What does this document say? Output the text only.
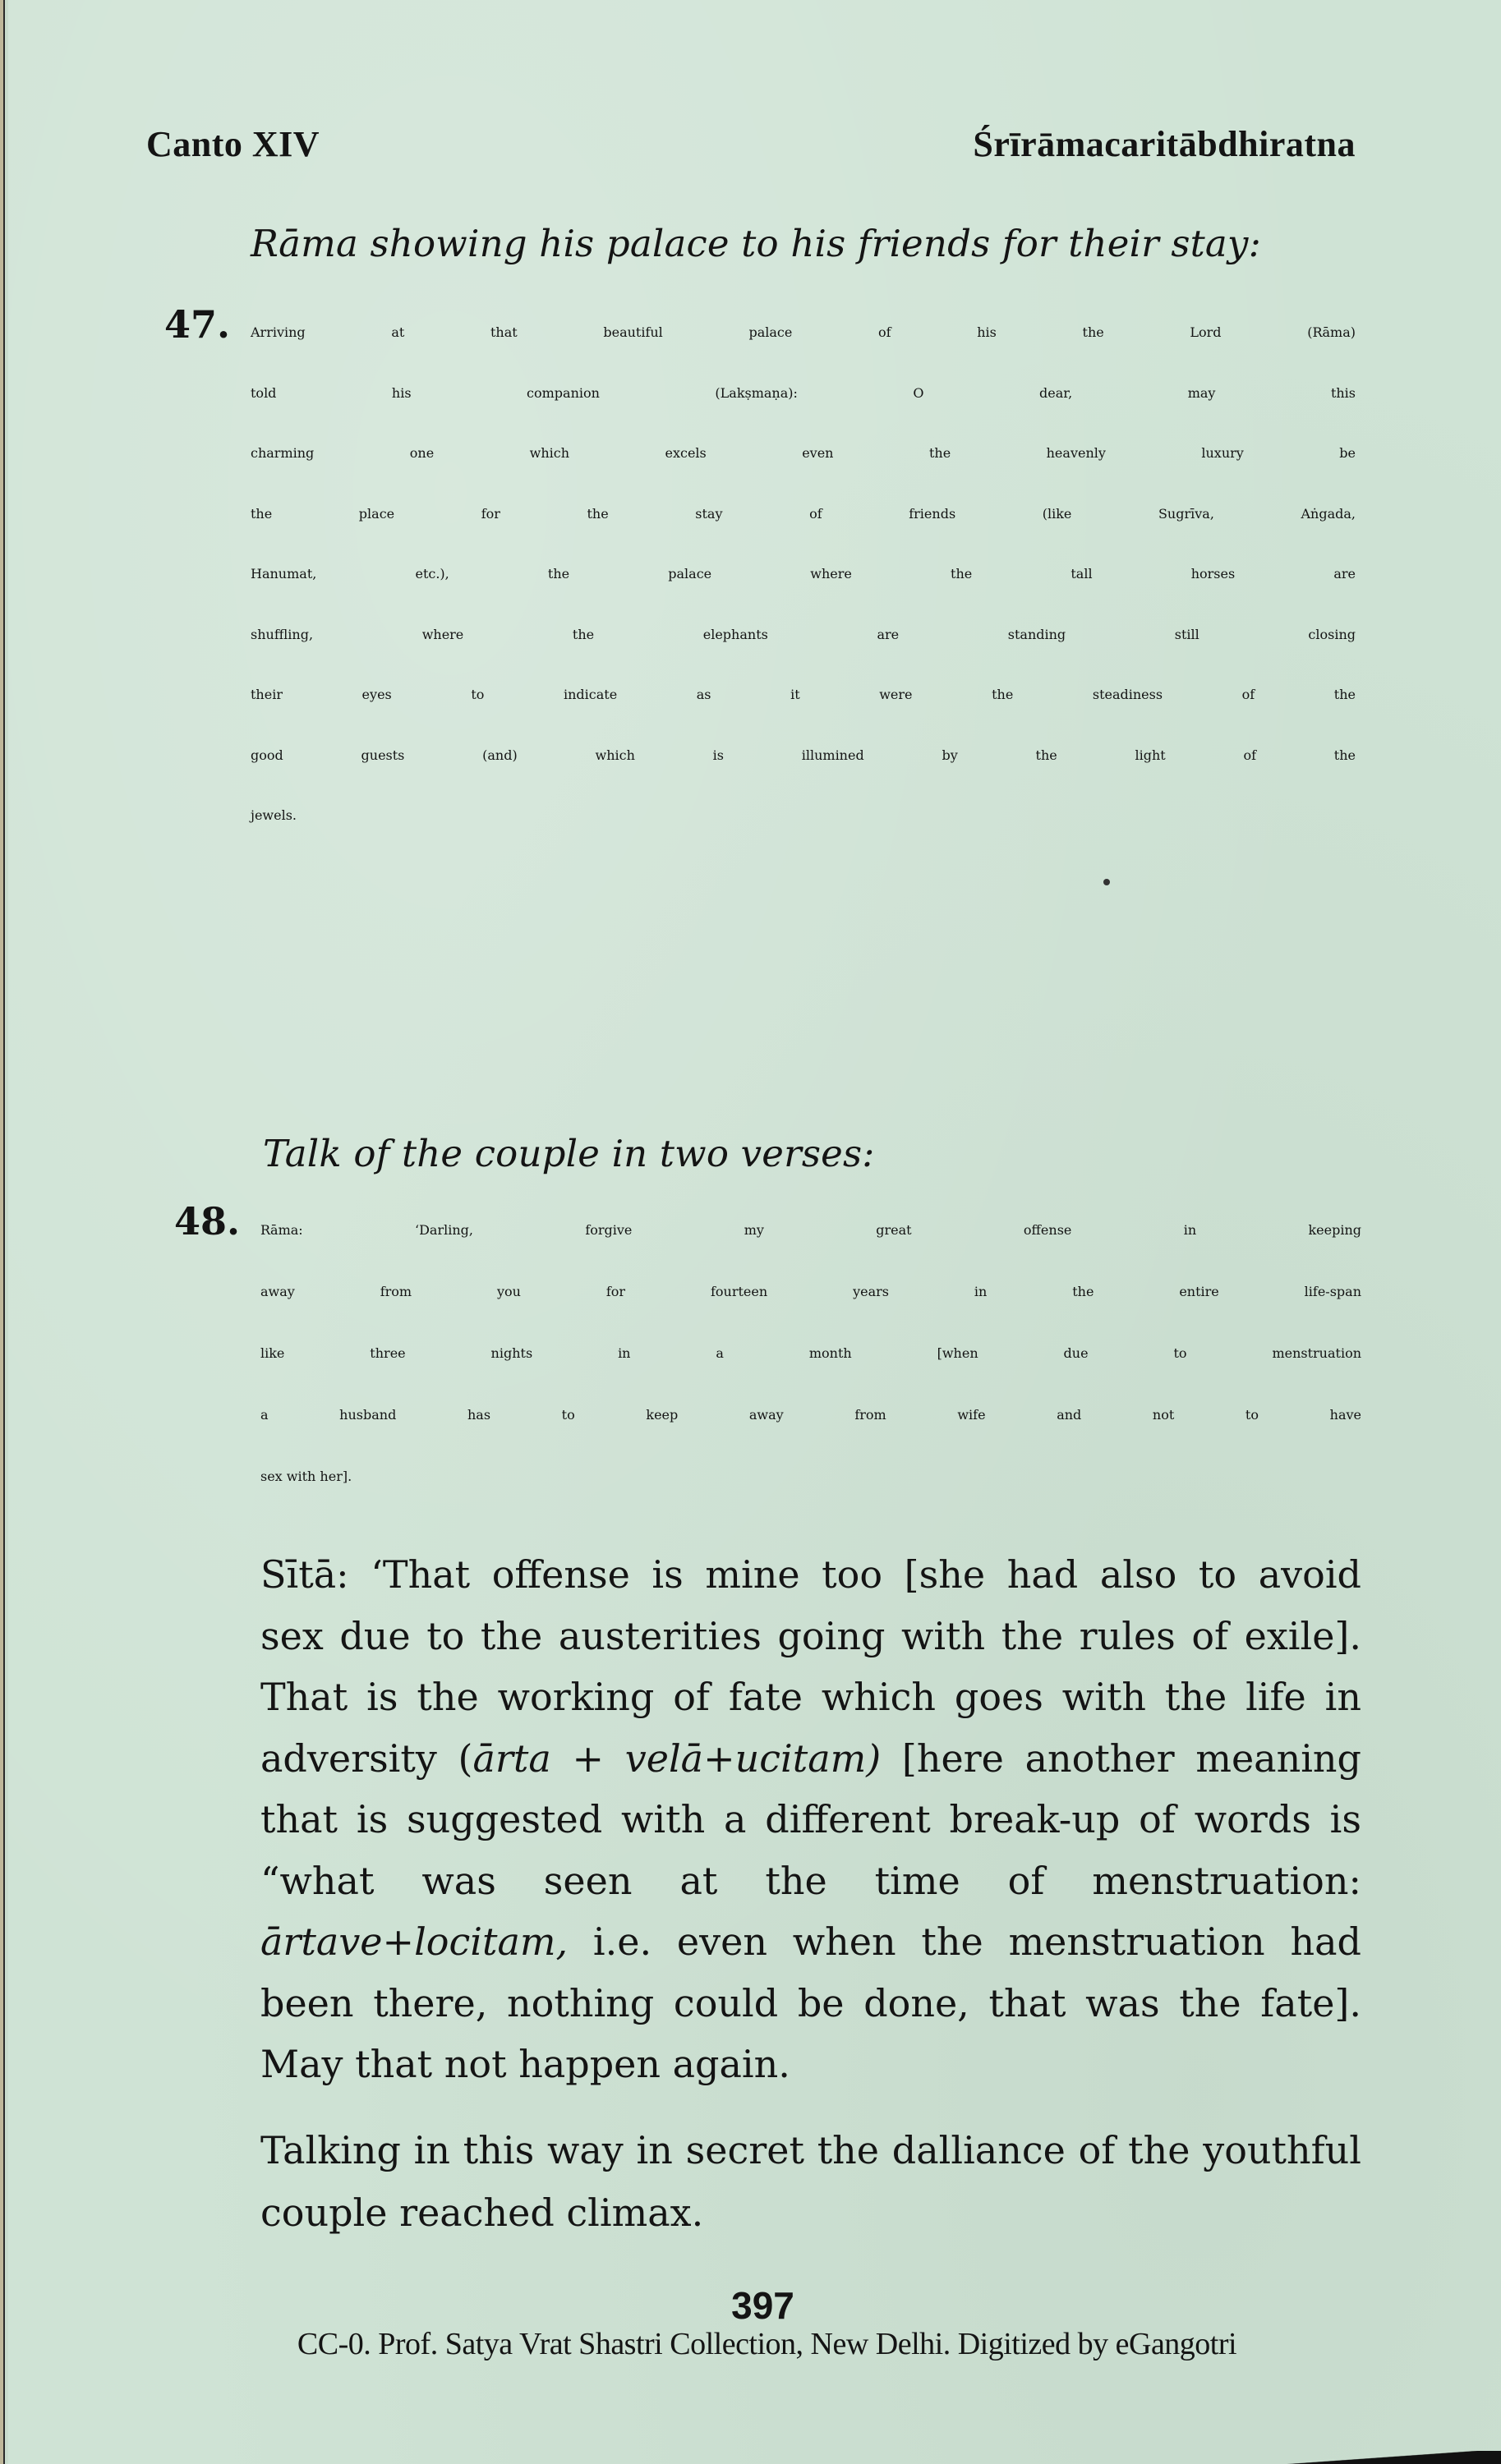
Canto XIV	Śrīrāmacaritābdhiratna
Rāma showing his palace to his friends for their stay:
47.	Arriving at that beautiful palace of his the Lord (Rāma)
told his companion (Lakṣmaṇa): O dear, may this
charming one which excels even the heavenly luxury be
the place for the stay of friends (like Sugrīva, Aṅgada,
Hanumat, etc.), the palace where the tall horses are
shuffling, where the elephants are standing still closing
their eyes to indicate as it were the steadiness of the
good guests (and) which is illumined by the light of the
jewels.
Talk of the couple in two verses:
48.	Rāma: ‘Darling, forgive my great offense in keeping
away from you for fourteen years in the entire life-span
like three nights in a month [when due to menstruation
a husband has to keep away from wife and not to have
sex with her].
Sītā: ‘That offense is mine too [she had also to avoid
sex due to the austerities going with the rules of exile].
That is the working of fate which goes with the life in
adversity (ārta + velā+ucitam) [here another meaning
that is suggested with a different break-up of words is
“what was seen at the time of menstruation:
ārtave+locitam, i.e. even when the menstruation had
been there, nothing could be done, that was the fate].
May that not happen again.
Talking in this way in secret the dalliance of the youthful
couple reached climax.
397
CC-0. Prof. Satya Vrat Shastri Collection, New Delhi. Digitized by eGangotri
